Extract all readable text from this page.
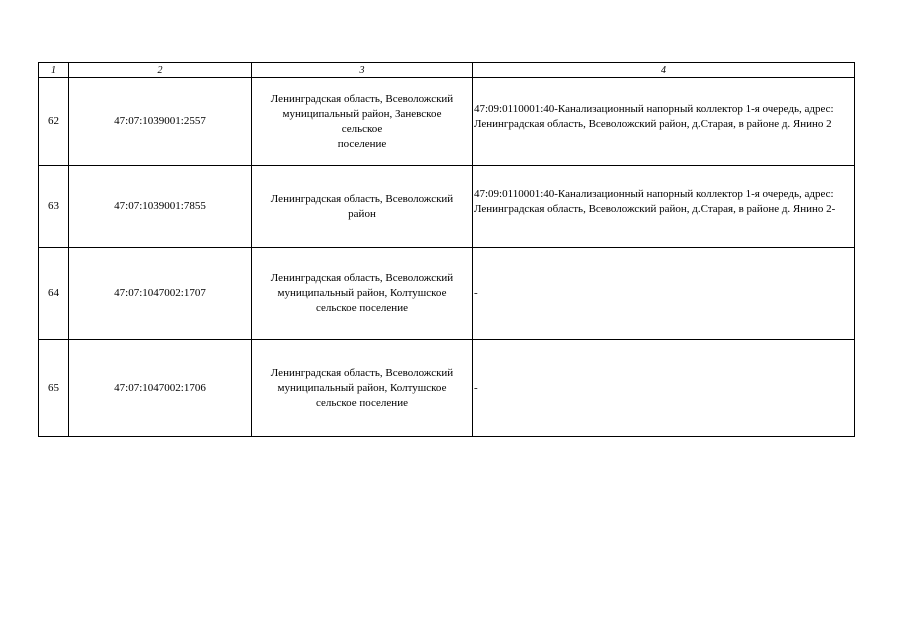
1	2	3	4
62	47:07:1039001:2557	Ленинградская область, Всеволожский
муниципальный район, Заневское
сельское
поселение	47:09:0110001:40-Канализационный напорный коллектор 1-я очередь, адрес: Ленинградская область, Всеволожский район, д.Старая, в районе д. Янино 2

63	47:07:1039001:7855	Ленинградская область, Всеволожский
район	47:09:0110001:40-Канализационный напорный коллектор 1-я очередь, адрес: Ленинградская область, Всеволожский район, д.Старая, в районе д. Янино 2-

64	47:07:1047002:1707	Ленинградская область, Всеволожский
муниципальный район, Колтушское
сельское поселение	-
65	47:07:1047002:1706	Ленинградская область, Всеволожский
муниципальный район, Колтушское
сельское поселение	-
